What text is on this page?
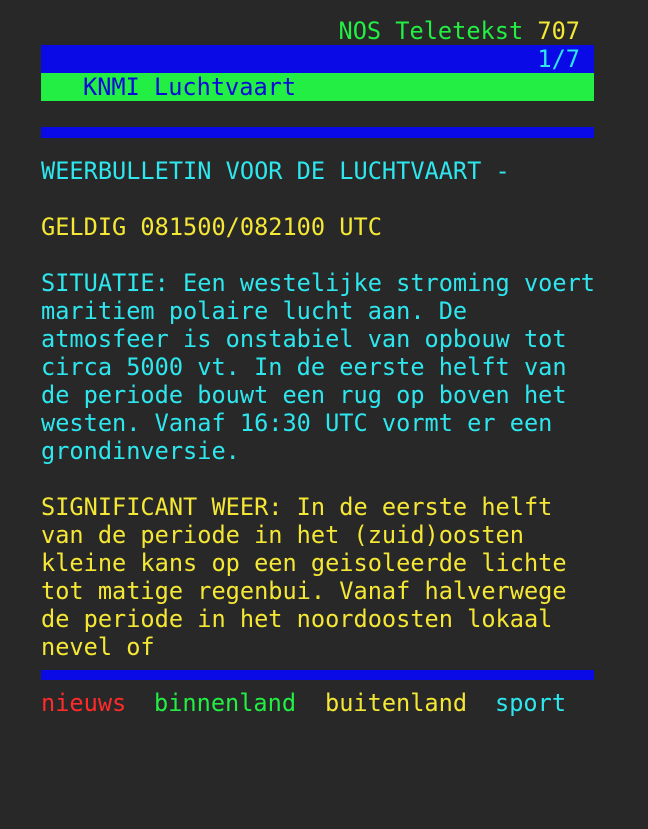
NOS Teletekst 707
1/7
KNMI Luchtvaart
WEERBULLETIN VOOR DE LUCHTVAART -
GELDIG 081500/082100 UTC
SITUATIE: Een westelijke stroming voert
maritiem polaire lucht aan. De
atmosfeer is onstabiel van opbouw tot
circa 5000 vt. In de eerste helft van
de periode bouwt een rug op boven het
westen. Vanaf 16:30 UTC vormt er een
grondinversie.
SIGNIFICANT WEER: In de eerste helft
van de periode in het (zuid)oosten
kleine kans op een geisoleerde lichte
tot matige regenbui. Vanaf halverwege
de periode in het noordoosten lokaal
nevel of

nieuws

binnenland

buitenland

sport
